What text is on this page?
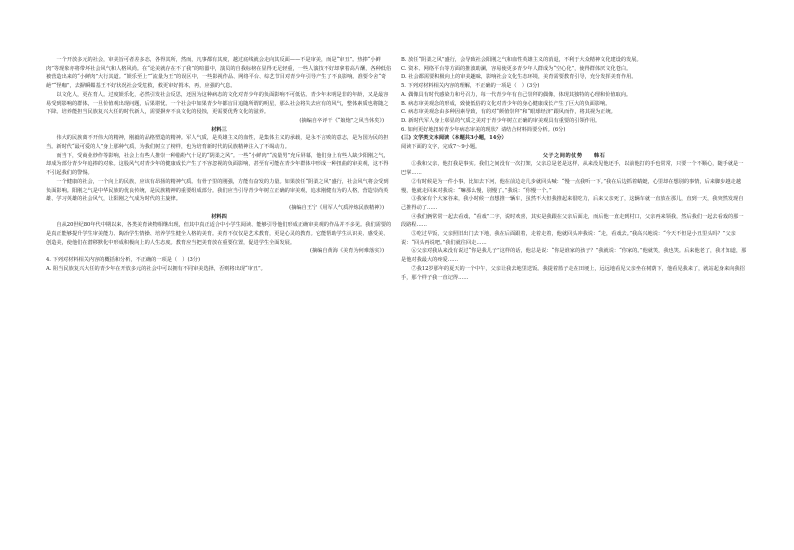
一个开放多元的社会，审美旨可者差多态，各得其所，然而，凡事都有其度，越过底线就会走向其反面——不是审美，而是“审丑”。热捧“小鲜肉”等现象亦将带坏社会风气和人格风尚。在“论美就存在不了我”的喧嚣中，演员的自我标榜在显得无足轻重，一些人演技不好却拿着高片酬，各种低俗被营造出来的“小鲜肉”大行其道。“娱乐至上”“流量为王”的误区中，一些影视作品、网络平台、综艺节目对青少年引导产生了不良影响。准要令舍“奇葩”“怪咖”，去摒瞬媚基王不好状况社会受危救，救更审好拇本，再，应强的气息。

以文化人，更在育人。过度娱乐化，必然引发社会反思，还因为这种病态的文化对青少年的负面影响不可低估。青少年未明是非的年龄，又是最容易受到影响的群体，一旦价值观出现问题，后果堪忧。一个社会中如果青少年都盲目追随所谓的明星，那么社会将失去应有的风气，整体素质也将随之下降。培养能担当民族复兴大任的时代新人，需要摒弃不良文化的侵蚀，更需要优秀文化的滋养。

(摘编自卒评干《“娘炮”之风当休矣》)

材料三

伟大的民族离不开伟大的精神，刚毅的品格塑造的精神。军人气质，是英雄主义的血性，是集体主义的承载，是永不言败的意志，是为国为民的担当。新时代“最可爱的人”身上那种气质，为我们树立了榜样，也为培育新时代的民族精神注入了不竭动力。

而当下，受商业炒作等影响，社会上有些人推崇一种脂粉气十足的“阴柔之风”。一些“小鲜肉”“流量男”充斥屏幕，他们身上有些人缺少阳刚之气，却成为部分青少年追捧的对象。这股风气对青少年的健康成长产生了不容忽视的负面影响，甚至有可能在青少年群体中形成一种扭曲的审美观，这不得不引起我们的警惕。

一个健康的社会，一个向上的民族，应该有昂扬的精神气质。有骨子里的刚强，方能有奋发的力量。如果放任“阴柔之风”盛行，社会风气将会受到负面影响。阳刚之气是中华民族的优良传统，是民族精神的重要组成部分。我们应当引导青少年树立正确的审美观，追求刚健有为的人格，营造崇尚英雄、学习英雄的社会风气，让阳刚之气成为时代的主旋律。

(摘编自王宁《用军人气质淬炼民族精神》)

材料四

自从20世纪80年代中期以来，各类美育读物相继出现，但其中真正适合中小学生阅读、能够引导他们形成正确审美观的作品并不多见。我们需要的是真正能够提升学生审美能力、陶冶学生情操、培养学生健全人格的美育。美育不仅仅是艺术教育，更是心灵的教育。它能帮助学生认识美、感受美、创造美，使他们在潜移默化中形成积极向上的人生态度。教育应当把美育放在重要位置，促进学生全面发展。

(摘编自黄海《美育为何难落实》)

4. 下列对材料相关内容的概括和分析，不正确的一项是（　）(3分)

A. 阻当民族复兴大任的青少年在开放多元的社会中可以拥有不同审美选择，否则将出现“审丑”。

B. 放任“阴柔之风”盛行，会导致社会阳刚之气和血性英雄主义的消退，不利于大众精神文化建设的发展。

C. 资本、网络平台等方面的推波助澜，容易使更多青少年人群成为“空心化”，使得群体厌文化苍白。

D. 社会都需要积极向上的审美趣味，影响社会文化生态环境，美育需要教育引导，充分发挥美育作用。

5. 下列对材料相关内容的理解，不正确的一项是（　）(3分)

A. 偶像具有时代感染力和号召力，每一代青少年有自己崇拜的偶像，体现其独特的心理和价值取向。

B. 病态审美观念的形成，致使低俗的文化对青少年的身心健康成长产生了巨大的负面影响。

C. 病态审美观念由多种因素导致，有的对“颜值崇拜”和“眼球经济”跟风而作，将其视为正统。

D. 新时代军人身上彰显的气质之美对于青少年树立正确的审美观具有重要的引领作用。

6. 如何更好地扭转青少年病态审美的现状？请结合材料简要分析。(6分)

(三) 文学类文本阅读（本题共3小题，14分）

阅读下面的文字，完成7～9小题。

父子之间的仗势　　韩石

①我和父亲，他打我是事实。我们之间没有一次打架，父亲总是老是这样，从来没见他还手，以前他打的手也常常，只要一个不顺心，随手就是一巴掌……

②有时候是为一件小事，比如去下河，他在前边走几步就回头喊：“慢一点我听一下。”我在后边抓着蜻蜓，心里却在想别的事情，后来脚步越走越慢，他就走回来对我说：“嘛那么慢，别慢了。”我说：“你慢一个。”

③我家有个大家谷来，我小时候一直想推一辆车，虽然不大但我推起来很吃力，后来父亲死了，这辆车就一直放在那儿，直到一天，我突然发现自己推得动了……

④我们俩常常一起去看戏，“看戏”二字，说时欢喜，其实是我跟在父亲后面走，而后他一直走到村口，父亲再来领我，然后我们一起去看戏的那一段路程……

⑤吃过早饭，父亲照旧出门去下地，我在后面跟着，走着走着，他就回头冲我说：“走，看戏去。”我高兴地说：“今天不但是小丑里头吗？”父亲说：“回头再说吧。”我们就往回走……

⑥父亲对我从来没有说过“你是我儿子”这样的话，他总是说：“你是谁家的孩子？”我就说：“你家的。”他就笑，我也笑。后来他老了，我才知道，那是他对我最大的疼爱……

⑦我12岁那年的夏天的一个中午，父亲让我去地里送饭。我提着篮子走在田埂上，远远地看见父亲坐在树荫下，他看见我来了，就站起身来向我招手，那个样子我一直记得……
